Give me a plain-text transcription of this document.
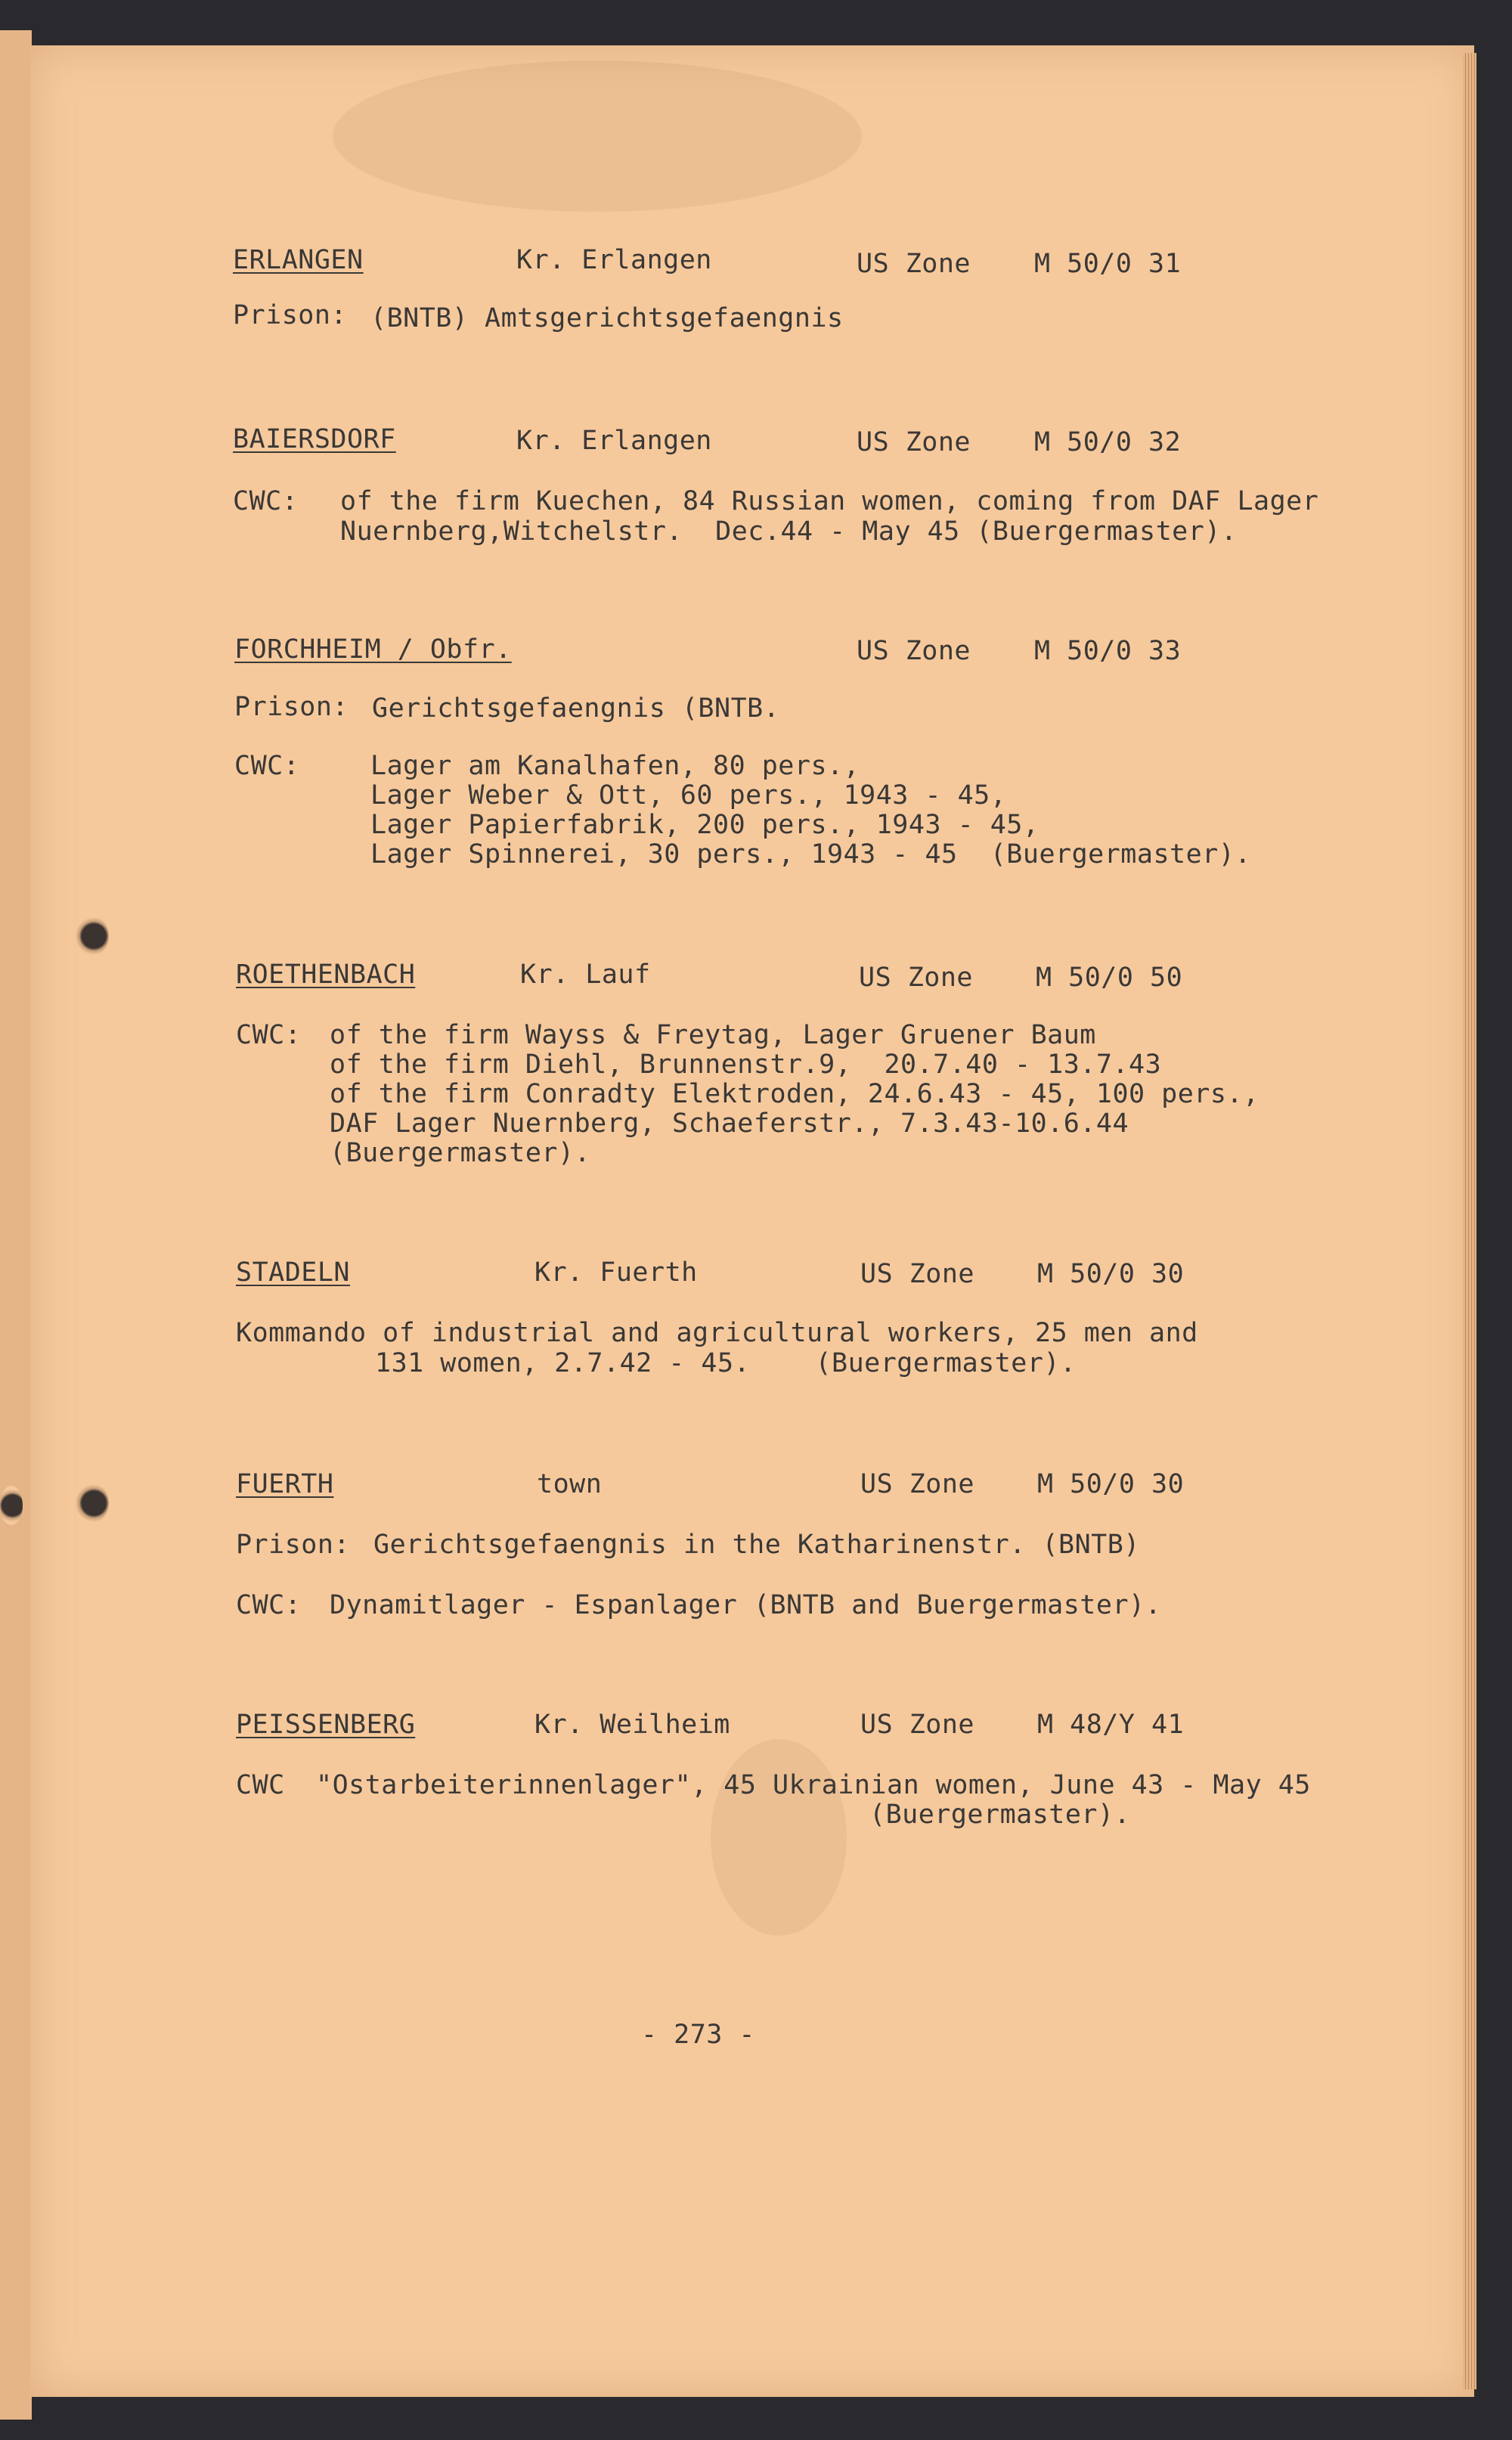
ERLANGEN	Kr. Erlangen	US Zone M 50/0 31
Prison: (BNTB) Amtsgerichtsgefaengnis
BAIERSDORF	Kr. Erlangen	US Zone M 50/0 32
CWC: of the firm Kuechen, 84 Russian women, coming from DAF Lager
Nuernberg,Witchelstr.  Dec.44 - May 45 (Buergermaster).
FORCHHEIM / Obfr.	US Zone M 50/0 33
Prison: Gerichtsgefaengnis (BNTB.
CWC:	Lager am Kanalhafen, 80 pers.,
Lager Weber & Ott, 60 pers., 1943 - 45,
Lager Papierfabrik, 200 pers., 1943 - 45,
Lager Spinnerei, 30 pers., 1943 - 45  (Buergermaster).
ROETHENBACH	Kr. Lauf	US Zone M 50/0 50
CWC: of the firm Wayss & Freytag, Lager Gruener Baum
of the firm Diehl, Brunnenstr.9,  20.7.40 - 13.7.43
of the firm Conradty Elektroden, 24.6.43 - 45, 100 pers.,
DAF Lager Nuernberg, Schaeferstr., 7.3.43-10.6.44
(Buergermaster).
STADELN	Kr. Fuerth	US Zone M 50/0 30
Kommando of industrial and agricultural workers, 25 men and
131 women, 2.7.42 - 45.    (Buergermaster).
FUERTH	town	US Zone M 50/0 30
Prison: Gerichtsgefaengnis in the Katharinenstr. (BNTB)
CWC: Dynamitlager - Espanlager (BNTB and Buergermaster).
PEISSENBERG	Kr. Weilheim	US Zone M 48/Y 41
CWC "Ostarbeiterinnenlager", 45 Ukrainian women, June 43 - May 45
(Buergermaster).
- 273 -
